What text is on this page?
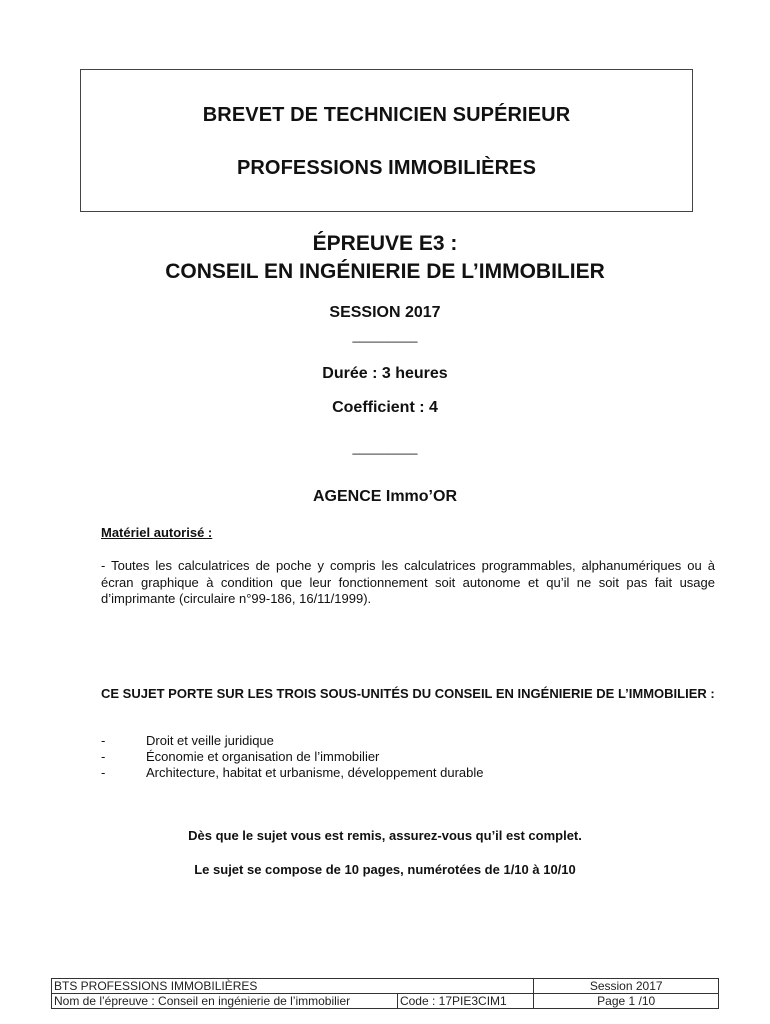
BREVET DE TECHNICIEN SUPÉRIEUR
PROFESSIONS IMMOBILIÈRES
ÉPREUVE E3 :
CONSEIL EN INGÉNIERIE DE L’IMMOBILIER
SESSION 2017
_________
Durée : 3 heures
Coefficient : 4
_________
AGENCE Immo’OR
Matériel autorisé :
- Toutes les calculatrices de poche y compris les calculatrices programmables, alphanumériques ou à écran graphique à condition que leur fonctionnement soit autonome et qu’il ne soit pas fait usage d’imprimante (circulaire n°99-186, 16/11/1999).
CE SUJET PORTE SUR LES TROIS SOUS-UNITÉS DU CONSEIL EN INGÉNIERIE DE L’IMMOBILIER :
-	Droit et veille juridique
-	Économie et organisation de l’immobilier
-	Architecture, habitat et urbanisme, développement durable
Dès que le sujet vous est remis, assurez-vous qu’il est complet.
Le sujet se compose de 10 pages, numérotées de 1/10 à 10/10
BTS PROFESSIONS IMMOBILIÈRES		Session 2017
Nom de l’épreuve : Conseil en ingénierie de l’immobilier	Code : 17PIE3CIM1	Page 1 /10
